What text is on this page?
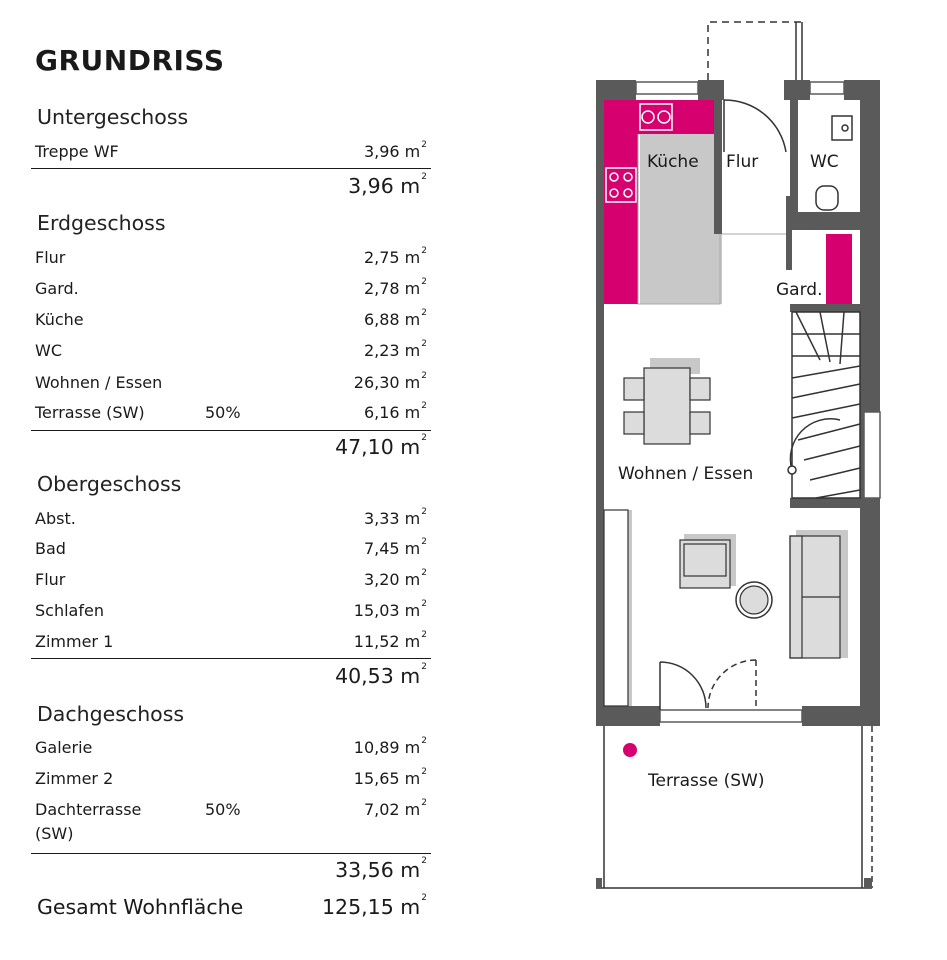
GRUNDRISS
Untergeschoss
Treppe WF	3,96 $m^2$
3,96 $m^2$
Erdgeschoss
Flur	2,75 $m^2$
Gard.	2,78 $m^2$
Küche	6,88 $m^2$
WC	2,23 $m^2$
Wohnen / Essen	26,30 $m^2$
Terrasse (SW)	50%	6,16 $m^2$
47,10 $m^2$
Obergeschoss
Abst.	3,33 $m^2$
Bad	7,45 $m^2$
Flur	3,20 $m^2$
Schlafen	15,03 $m^2$
Zimmer 1	11,52 $m^2$
40,53 $m^2$
Dachgeschoss
Galerie	10,89 $m^2$
Zimmer 2	15,65 $m^2$
Dachterrasse
(SW)
50%	7,02 $m^2$
33,56 $m^2$
Gesamt Wohnfläche	125,15 $m^2$
Küche Flur	WC
Gard.
Wohnen / Essen
Terrasse (SW)
